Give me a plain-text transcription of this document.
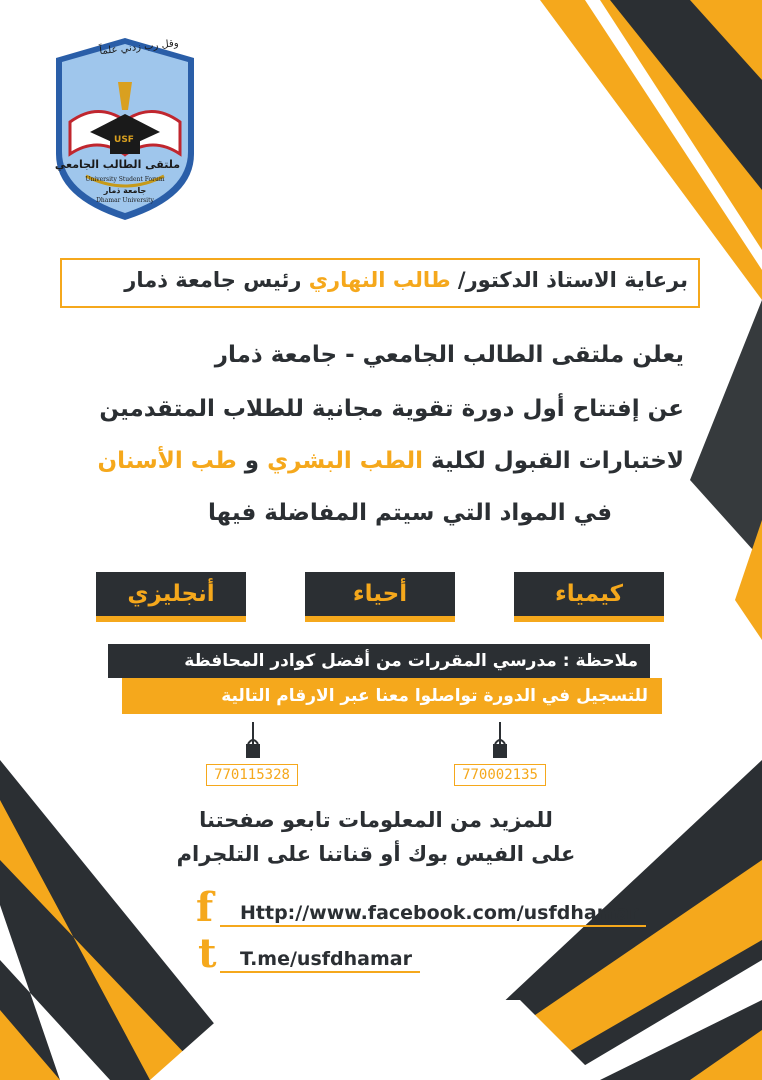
وقل رب زدني علماً
USF
ملتقى الطالب الجامعي
University Student Forum
جامعة ذمار
Dhamar University
برعاية الاستاذ الدكتور/ طالب النهاري رئيس جامعة ذمار
يعلن ملتقى الطالب الجامعي - جامعة ذمار
عن إفتتاح أول دورة تقوية مجانية للطلاب المتقدمين
لاختبارات القبول لكلية الطب البشري و طب الأسنان
في المواد التي سيتم المفاضلة فيها
كيمياء
أحياء
أنجليزي
ملاحظة : مدرسي المقررات من أفضل كوادر المحافظة
للتسجيل في الدورة تواصلوا معنا عبر الارقام التالية
770002135
770115328
للمزيد من المعلومات تابعو صفحتنا
على الفيس بوك أو قناتنا على التلجرام
f Http://www.facebook.com/usfdhamar
t T.me/usfdhamar
